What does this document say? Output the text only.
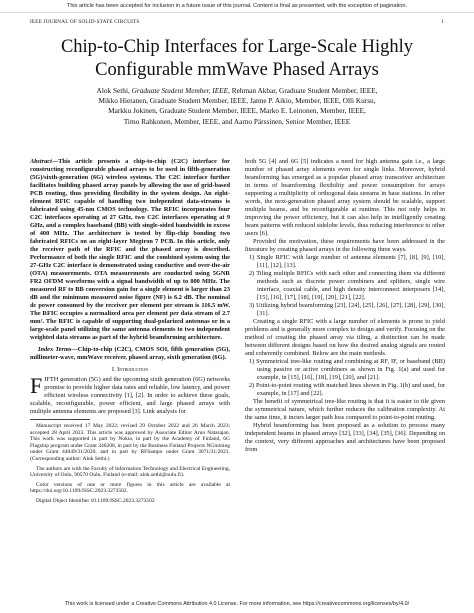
This article has been accepted for inclusion in a future issue of this journal. Content is final as presented, with the exception of pagination.
IEEE JOURNAL OF SOLID-STATE CIRCUITS	1
Chip-to-Chip Interfaces for Large-Scale Highly Configurable mmWave Phased Arrays
Alok Sethi, Graduate Student Member, IEEE, Rehman Akbar, Graduate Student Member, IEEE,
Mikko Hietanen, Graduate Student Member, IEEE, Janne P. Aikio, Member, IEEE, Olli Kursu,
Markku Jokinen, Graduate Student Member, IEEE, Marko E. Leinonen, Member, IEEE,
Timo Rahkonen, Member, IEEE, and Aarno Pärssinen, Senior Member, IEEE
Abstract—This article presents a chip-to-chip (C2C) interface for constructing reconfigurable phased arrays to be used in fifth-generation (5G)/sixth-generation (6G) wireless systems. The C2C interface further facilitates building phased array panels by allowing the use of grid-based PCB routing, thus providing flexibility in the system design. An eight-element RFIC capable of handling two independent data-streams is fabricated using 45-nm CMOS technology. The RFIC incorporates four C2C interfaces operating at 27 GHz, two C2C interfaces operating at 9 GHz, and a complex baseband (BB) with single-sided bandwidth in excess of 400 MHz. The architecture is tested by flip-chip bonding two fabricated RFICs on an eight-layer Megtron 7 PCB. In this article, only the receiver path of the RFIC and the phased array is described. Performance of both the single RFIC and the combined system using the 27-GHz C2C interface is demonstrated using conductive and over-the-air (OTA) measurements. OTA measurements are conducted using 5GNR FR2 OFDM waveforms with a signal bandwidth of up to 800 MHz. The measured RF to BB conversion gain for a single element is larger than 23 dB and the minimum measured noise figure (NF) is 6.2 dB. The nominal dc power consumed by the receiver per element per stream is 116.5 mW. The RFIC occupies a normalized area per element per data stream of 2.7 mm². The RFIC is capable of supporting dual-polarized antennas or in a large-scale panel utilizing the same antenna elements to two independent weighted data streams as part of the hybrid beamforming architecture.
Index Terms—Chip-to-chip (C2C), CMOS SOI, fifth generation (5G), millimeter-wave, mmWave receiver, phased array, sixth generation (6G).
I. Introduction
FIFTH generation (5G) and the upcoming sixth generation (6G) networks promise to provide higher data rates and reliable, low latency, and power efficient wireless connectivity [1], [2]. In order to achieve these goals, scalable, reconfigurable, power efficient, and large phased arrays with multiple antenna elements are proposed [3]. Link analysis for
Manuscript received 17 May 2022; revised 29 October 2022 and 26 March 2023; accepted 28 April 2023. This article was approved by Associate Editor Arun Natarajan. This work was supported in part by Nokia, in part by the Academy of Finland, 6G Flagship program under Grant 346208, in part by the Business Finland Projects NGmining under Grant 44049/31/2020, and in part by RFSampo under Grant 3071/31/2021. (Corresponding author: Alok Sethi.)
The authors are with the Faculty of Information Technology and Electrical Engineering, University of Oulu, 90570 Oulu, Finland (e-mail: alok.sethi@oulu.fi).
Color versions of one or more figures in this article are available at https://doi.org/10.1109/JSSC.2023.3273502.
Digital Object Identifier 10.1109/JSSC.2023.3273502
both 5G [4] and 6G [5] indicates a need for high antenna gain i.e., a large number of phased array elements even for single links. Moreover, hybrid beamforming has emerged as a popular phased array transceiver architecture in terms of beamforming flexibility and power consumption for arrays supporting a multiplicity of orthogonal data streams in base stations. In other words, the next-generation phased array system should be scalable, support multiple beams, and be reconfigurable at runtime. This not only helps in improving the power efficiency, but it can also help in intelligently creating beam patterns with reduced sidelobe levels, thus reducing interference to other users [6].
Provided the motivation, these requirements have been addressed in the literature by creating phased arrays in the following three ways.
1) Single RFIC with large number of antenna elements [7], [8], [9], [10], [11], [12], [13].
2) Tiling multiple RFICs with each other and connecting them via different methods such as discrete power combiners and splitters, single wire interface, coaxial cable, and high density interconnect interposers [14], [15], [16], [17], [18], [19], [20], [21], [22].
3) Utilizing hybrid beamforming [23], [24], [25], [26], [27], [28], [29], [30], [31].
Creating a single RFIC with a large number of elements is prone to yield problems and is generally more complex to design and verify. Focusing on the method of creating the phased array via tiling, a distinction can be made between different designs based on how the desired analog signals are routed and coherently combined. Below are the main methods.
1) Symmetrical tree-like routing and combining at RF, IF, or baseband (BB) using passive or active combiners as shown in Fig. 1(a) and used for example, in [15], [16], [18], [19], [20], and [21].
2) Point-to-point routing with matched lines shown in Fig. 1(b) and used, for example, in [17] and [22].
The benefit of symmetrical tree-like routing is that it is easier to tile given the symmetrical nature, which further reduces the calibration complexity. At the same time, it incurs larger path loss compared to point-to-point routing.
Hybrid beamforming has been proposed as a solution to process many independent beams in phased arrays [32], [33], [34], [35], [36]. Depending on the context, very different approaches and architectures have been proposed from
This work is licensed under a Creative Commons Attribution 4.0 License. For more information, see https://creativecommons.org/licenses/by/4.0/
